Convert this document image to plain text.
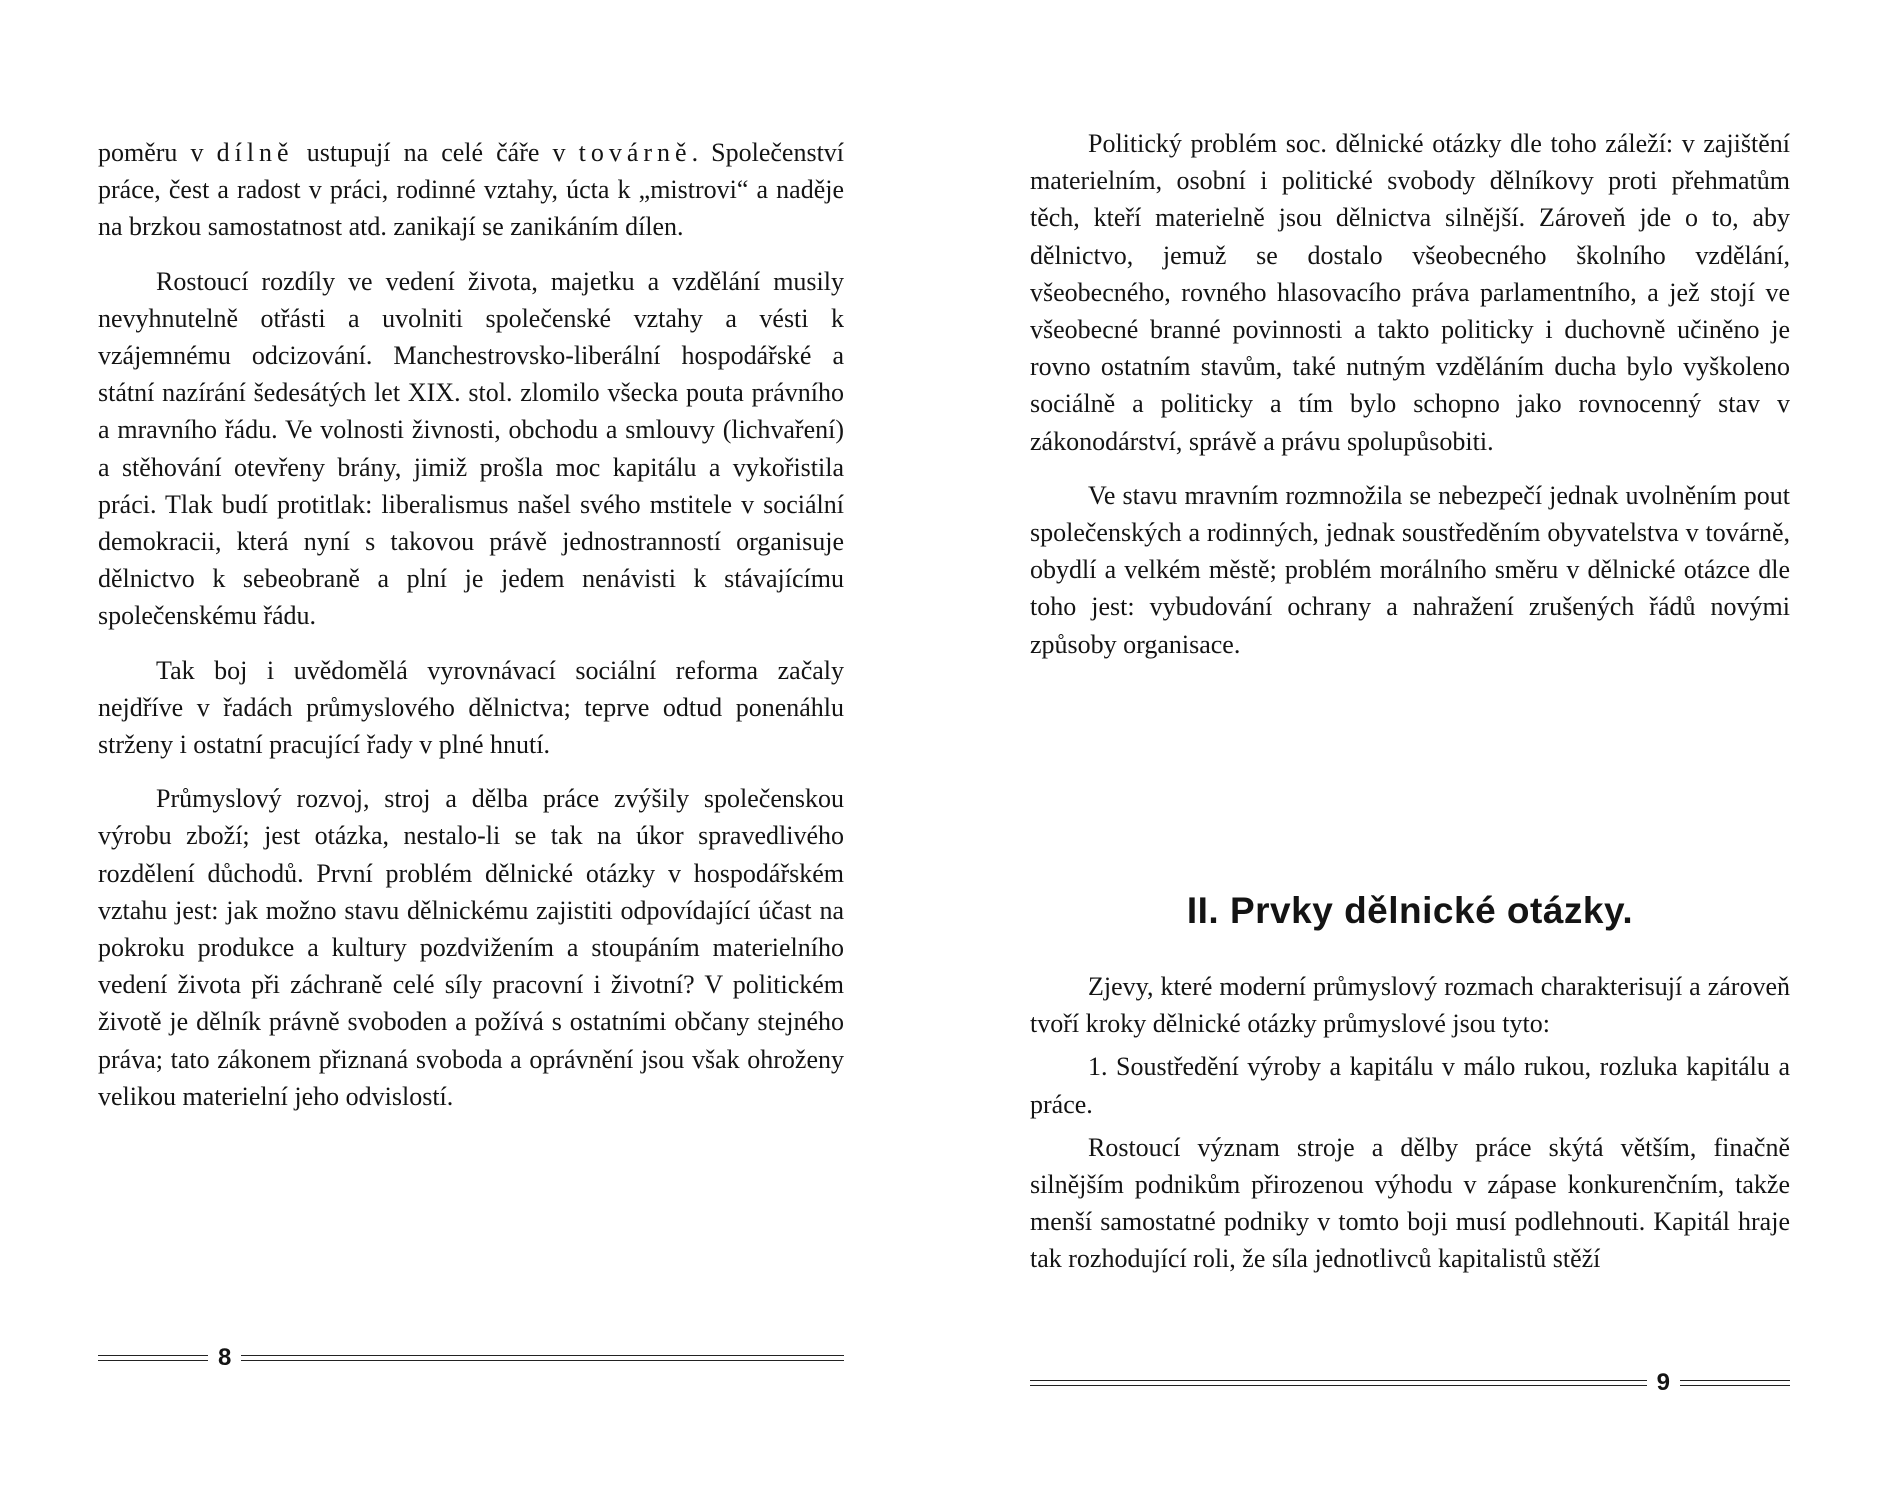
poměru v dílně ustupují na celé čáře v továrně. Společenství práce, čest a radost v práci, rodinné vztahy, úcta k „mistrovi“ a naděje na brzkou samostatnost atd. zanikají se zanikáním dílen.

Rostoucí rozdíly ve vedení života, majetku a vzdělání musily nevyhnutelně otřásti a uvolniti společenské vztahy a vésti k vzájemnému odcizování. Manchestrovsko-liberální hospodářské a státní nazírání šedesátých let XIX. stol. zlomilo všecka pouta právního a mravního řádu. Ve volnosti živnosti, obchodu a smlouvy (lichvaření) a stěhování otevřeny brány, jimiž prošla moc kapitálu a vykořistila práci. Tlak budí protitlak: liberalismus našel svého mstitele v sociální demokracii, která nyní s takovou právě jednostranností organisuje dělnictvo k sebeobraně a plní je jedem nenávisti k stávajícímu společenskému řádu.

Tak boj i uvědomělá vyrovnávací sociální reforma začaly nejdříve v řadách průmyslového dělnictva; teprve odtud ponenáhlu strženy i ostatní pracující řady v plné hnutí.

Průmyslový rozvoj, stroj a dělba práce zvýšily společenskou výrobu zboží; jest otázka, nestalo-li se tak na úkor spravedlivého rozdělení důchodů. První problém dělnické otázky v hospodářském vztahu jest: jak možno stavu dělnickému zajistiti odpovídající účast na pokroku produkce a kultury pozdvižením a stoupáním materielního vedení života při záchraně celé síly pracovní i životní? V politickém životě je dělník právně svoboden a požívá s ostatními občany stejného práva; tato zákonem přiznaná svoboda a oprávnění jsou však ohroženy velikou materielní jeho odvislostí.

8

Politický problém soc. dělnické otázky dle toho záleží: v zajištění materielním, osobní i politické svobody dělníkovy proti přehmatům těch, kteří materielně jsou dělnictva silnější. Zároveň jde o to, aby dělnictvo, jemuž se dostalo všeobecného školního vzdělání, všeobecného, rovného hlasovacího práva parlamentního, a jež stojí ve všeobecné branné povinnosti a takto politicky i duchovně učiněno je rovno ostatním stavům, také nutným vzděláním ducha bylo vyškoleno sociálně a politicky a tím bylo schopno jako rovnocenný stav v zákonodárství, správě a právu spolupůsobiti.

Ve stavu mravním rozmnožila se nebezpečí jednak uvolněním pout společenských a rodinných, jednak soustředěním obyvatelstva v továrně, obydlí a velkém městě; problém morálního směru v dělnické otázce dle toho jest: vybudování ochrany a nahražení zrušených řádů novými způsoby organisace.

II. Prvky dělnické otázky.

Zjevy, které moderní průmyslový rozmach charakterisují a zároveň tvoří kroky dělnické otázky průmyslové jsou tyto:

1. Soustředění výroby a kapitálu v málo rukou, rozluka kapitálu a práce.

Rostoucí význam stroje a dělby práce skýtá větším, finačně silnějším podnikům přirozenou výhodu v zápase konkurenčním, takže menší samostatné podniky v tomto boji musí podlehnouti. Kapitál hraje tak rozhodující roli, že síla jednotlivců kapitalistů stěží

9
